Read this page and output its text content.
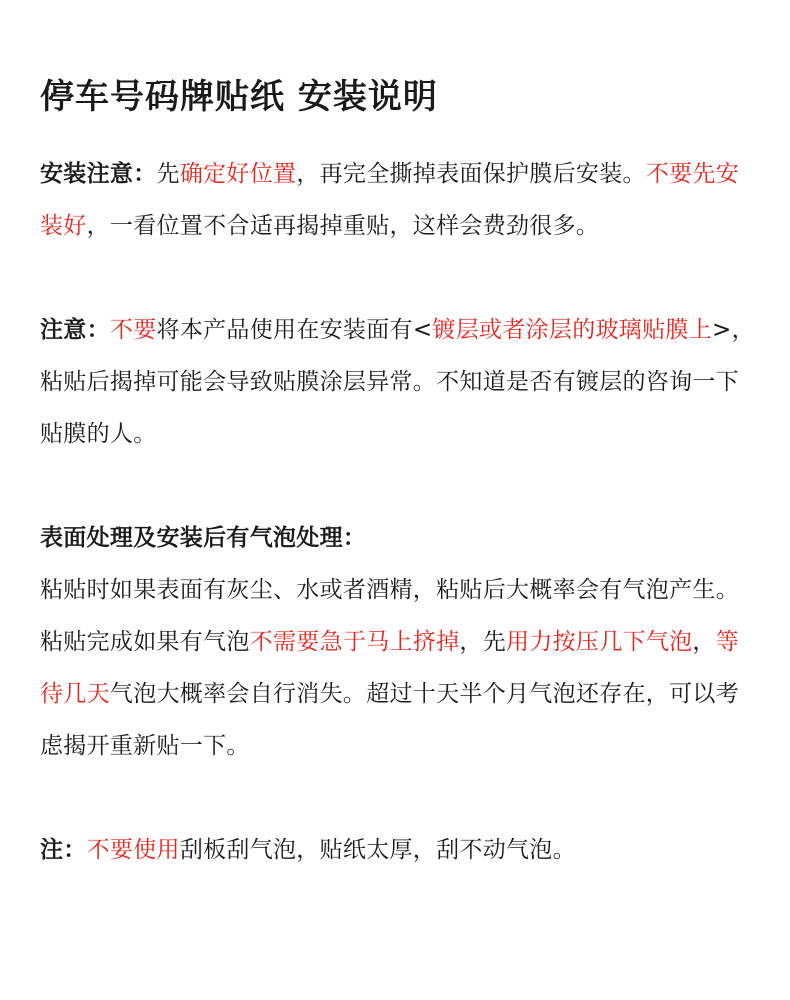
停车号码牌贴纸 安装说明

安装注意：先确定好位置，再完全撕掉表面保护膜后安装。不要先安装好，一看位置不合适再揭掉重贴，这样会费劲很多。

注意：不要将本产品使用在安装面有<镀层或者涂层的玻璃贴膜上>，粘贴后揭掉可能会导致贴膜涂层异常。不知道是否有镀层的咨询一下贴膜的人。

表面处理及安装后有气泡处理：

粘贴时如果表面有灰尘、水或者酒精，粘贴后大概率会有气泡产生。

粘贴完成如果有气泡不需要急于马上挤掉，先用力按压几下气泡，等待几天气泡大概率会自行消失。超过十天半个月气泡还存在，可以考虑揭开重新贴一下。

注：不要使用刮板刮气泡，贴纸太厚，刮不动气泡。
